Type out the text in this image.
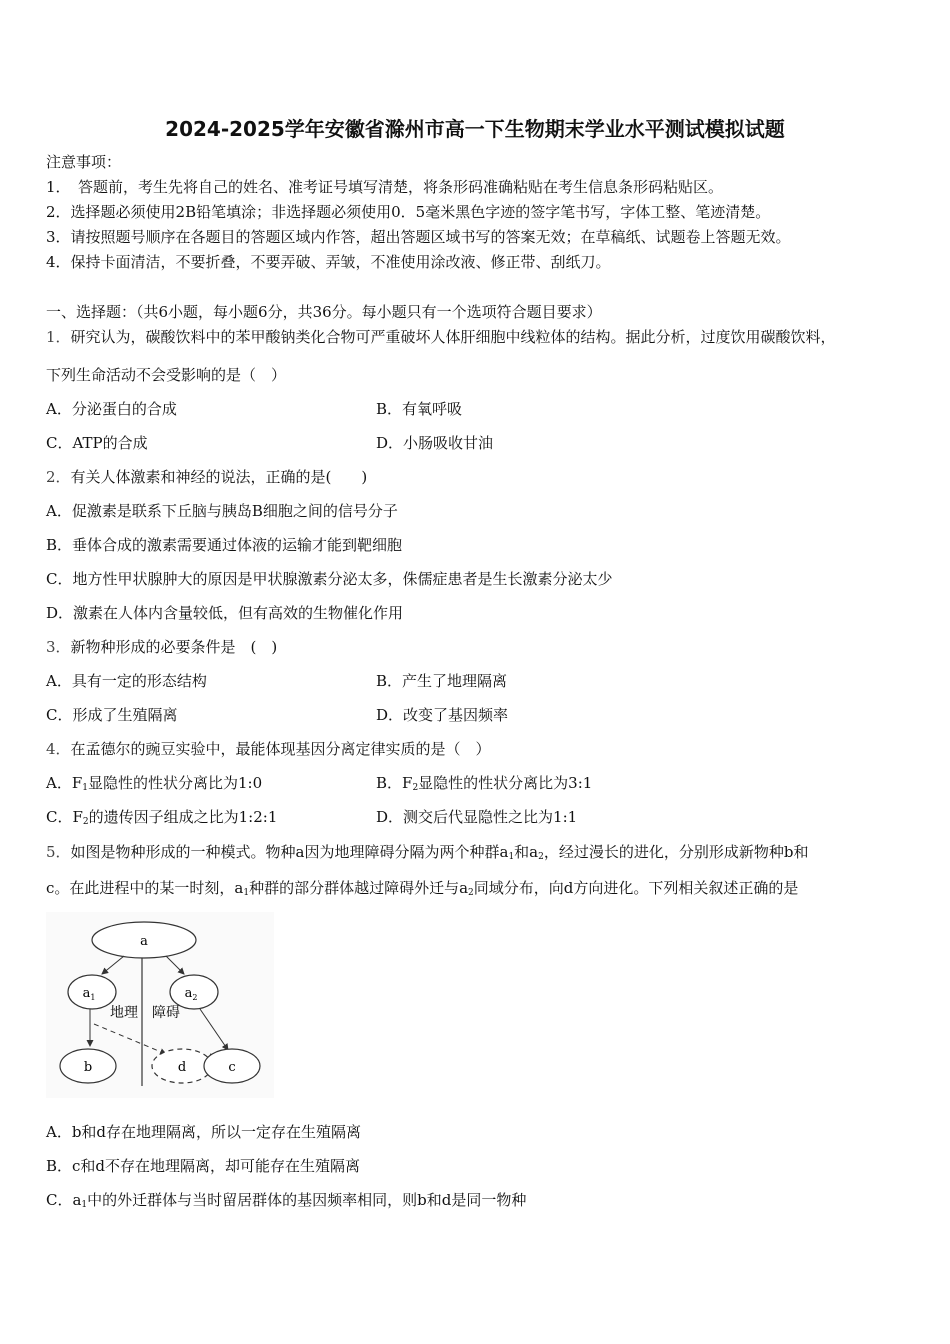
2024-2025学年安徽省滁州市高一下生物期末学业水平测试模拟试题
注意事项：
1．　答题前，考生先将自己的姓名、准考证号填写清楚，将条形码准确粘贴在考生信息条形码粘贴区。
2．选择题必须使用2B铅笔填涂；非选择题必须使用0．5毫米黑色字迹的签字笔书写，字体工整、笔迹清楚。
3．请按照题号顺序在各题目的答题区域内作答，超出答题区域书写的答案无效；在草稿纸、试题卷上答题无效。
4．保持卡面清洁，不要折叠，不要弄破、弄皱，不准使用涂改液、修正带、刮纸刀。
一、选择题：（共6小题，每小题6分，共36分。每小题只有一个选项符合题目要求）
1．研究认为，碳酸饮料中的苯甲酸钠类化合物可严重破坏人体肝细胞中线粒体的结构。据此分析，过度饮用碳酸饮料，
下列生命活动不会受影响的是（　）
A．分泌蛋白的合成	B．有氧呼吸
C．ATP的合成	D．小肠吸收甘油
2．有关人体激素和神经的说法，正确的是(　　)
A．促激素是联系下丘脑与胰岛B细胞之间的信号分子
B．垂体合成的激素需要通过体液的运输才能到靶细胞
C．地方性甲状腺肿大的原因是甲状腺激素分泌太多，侏儒症患者是生长激素分泌太少
D．激素在人体内含量较低，但有高效的生物催化作用
3．新物种形成的必要条件是　(　)
A．具有一定的形态结构	B．产生了地理隔离
C．形成了生殖隔离	D．改变了基因频率
4．在孟德尔的豌豆实验中，最能体现基因分离定律实质的是（　）
A．$F_1$显隐性的性状分离比为1:0	B．$F_2$显隐性的性状分离比为3:1
C．$F_2$的遗传因子组成之比为1:2:1	D．测交后代显隐性之比为1:1
5．如图是物种形成的一种模式。物种a因为地理障碍分隔为两个种群$a_1$和$a_2$，经过漫长的进化，分别形成新物种b和
c。在此进程中的某一时刻，$a_1$种群的部分群体越过障碍外迁与$a_2$同域分布，向d方向进化。下列相关叙述正确的是
a
$a_1$	$a_2$
地理　障碍
b	d	c
A．b和d存在地理隔离，所以一定存在生殖隔离
B．c和d不存在地理隔离，却可能存在生殖隔离
C．$a_1$中的外迁群体与当时留居群体的基因频率相同，则b和d是同一物种
